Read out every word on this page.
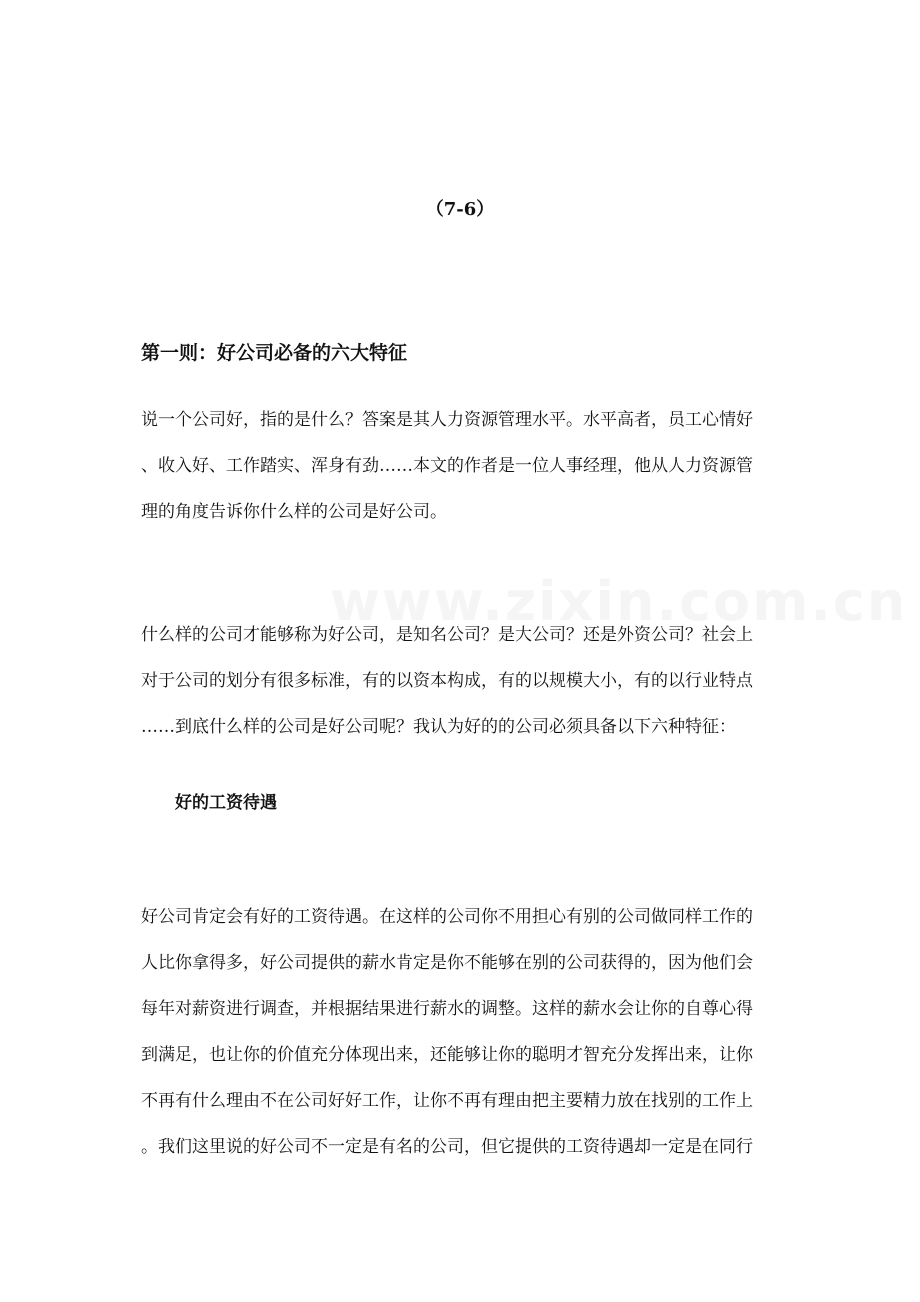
（7-6）
第一则：好公司必备的六大特征

说一个公司好，指的是什么？答案是其人力资源管理水平。水平高者，员工心情好
、收入好、工作踏实、浑身有劲……本文的作者是一位人事经理，他从人力资源管
理的角度告诉你什么样的公司是好公司。

www.zixin.com.cn

什么样的公司才能够称为好公司，是知名公司？是大公司？还是外资公司？社会上
对于公司的划分有很多标准，有的以资本构成，有的以规模大小，有的以行业特点
……到底什么样的公司是好公司呢？我认为好的的公司必须具备以下六种特征：

好的工资待遇

好公司肯定会有好的工资待遇。在这样的公司你不用担心有别的公司做同样工作的
人比你拿得多，好公司提供的薪水肯定是你不能够在别的公司获得的，因为他们会
每年对薪资进行调查，并根据结果进行薪水的调整。这样的薪水会让你的自尊心得
到满足，也让你的价值充分体现出来，还能够让你的聪明才智充分发挥出来，让你
不再有什么理由不在公司好好工作，让你不再有理由把主要精力放在找别的工作上
。我们这里说的好公司不一定是有名的公司，但它提供的工资待遇却一定是在同行
